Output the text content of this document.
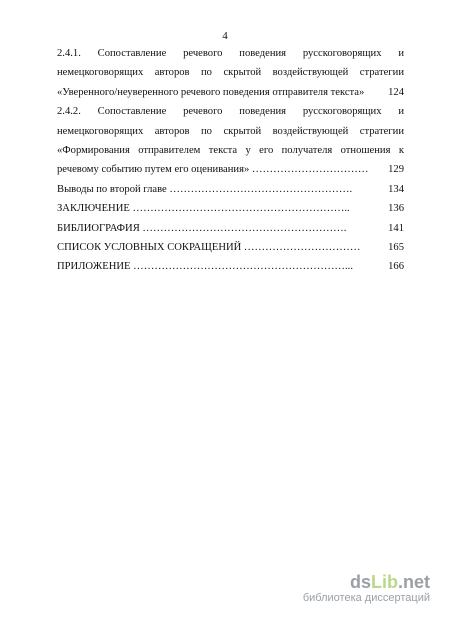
4
2.4.1. Сопоставление речевого поведения русскоговорящих и
немецкоговорящих авторов по скрытой воздействующей стратегии
«Уверенного/неуверенного речевого поведения отправителя текста»	124
2.4.2. Сопоставление речевого поведения русскоговорящих и
немецкоговорящих авторов по скрытой воздействующей стратегии
«Формирования отправителем текста у его получателя отношения к
речевому событию путем его оценивания» ……………………………	129
Выводы по второй главе …………………………………………….	134
ЗАКЛЮЧЕНИЕ ……………………………………………………..	136
БИБЛИОГРАФИЯ ………………………………………………….	141
СПИСОК УСЛОВНЫХ СОКРАЩЕНИЙ ……………………………	165
ПРИЛОЖЕНИЕ ……………………………………………………...	166
ds Lib .net
библиотека диссертаций
